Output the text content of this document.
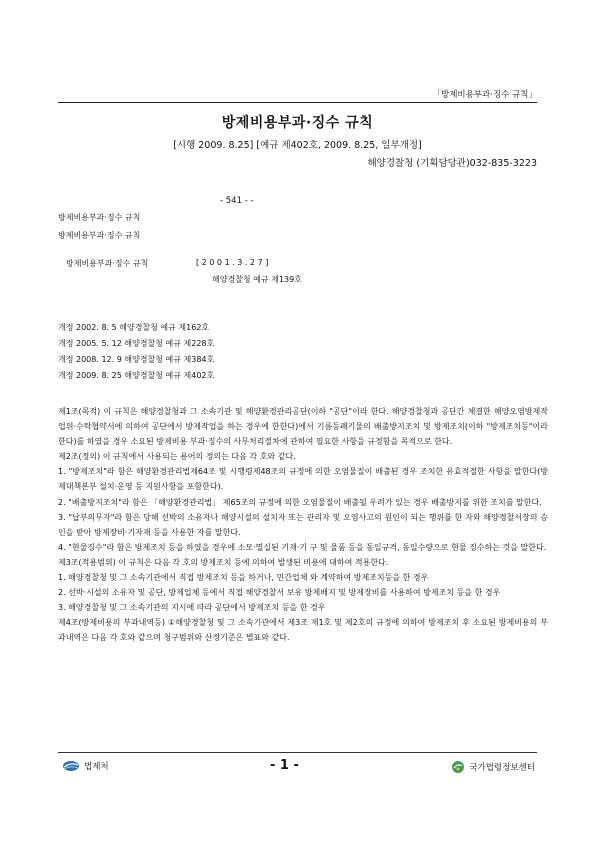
「방제비용부과·징수 규칙」
방제비용부과·징수 규칙
[시행 2009. 8.25] [예규 제402호, 2009. 8.25, 일부개정]
해양경찰청 (기획담당관)032-835-3223
- 541 - -
방제비용부과·징수 규칙
방제비용부과·징수 규칙
방제비용부과·징수 규칙	[ 2 0 0 1 . 3 . 2 7 ]
해양경찰청 예규 제139호
개정 2002. 8. 5 해양경찰청 예규 제162호
개정 2005. 5. 12 해양경찰청 예규 제228호
개정 2008. 12. 9 해양경찰청 예규 제384호
개정 2009. 8. 25 해양경찰청 예규 제402호

제1조(목적) 이 규칙은 해양경찰청과 그 소속기관 및 해양환경관리공단(이하 "공단"이라 한다. 해양경찰청과 공단간 체결한 해양오염방제작업위·수탁협약서에 의하여 공단에서 방제작업을 하는 경우에 한한다)에서 기름등폐기물의 배출방지조치 및 방제조치(이하 "방제조치등"이라 한다)를 하였을 경우 소요된 방제비용 부과·징수의 사무처리절차에 관하여 필요한 사항을 규정함을 목적으로 한다.

제2조(정의) 이 규칙에서 사용되는 용어의 정의는 다음 각 호와 같다.

1. "방제조치"라 함은 해양환경관리법제64조 및 시행령제48조의 규정에 의한 오염물질이 배출된 경우 조치한 유효적절한 사항을 말한다(방제대책본부 설치·운영 등 지원사항을 포함한다).

2. "배출방지조치"라 함은 「해양환경관리법」 제65조의 규정에 의한 오염물질이 배출될 우려가 있는 경우 배출방지를 위한 조치를 말한다.

3. "납부의무자"라 함은 당해 선박의 소유자나 해양시설의 설치자 또는 관리자 및 오염사고의 원인이 되는 행위를 한 자와 해양경찰서장의 승 인을 받아 방제장비·기자재 등을 사용한 자를 말한다.

4. "현물징수"라 함은 방제조치 등을 하였을 경우에 소모·멸실된 기재·기 구 및 물품 등을 동일규격, 동일수량으로 현물 징수하는 것을 말한다.

제3조(적용범위) 이 규칙은 다음 각 호의 방제조치 등에 의하여 발생된 비용에 대하여 적용한다.

1. 해양경찰청 및 그 소속기관에서 직접 방제조치 등을 하거나, 민간업체 와 계약하여 방제조치등을 한 경우

2. 선박·시설의 소유자 및 공단, 방제업체 등에서 직접 해양경찰서 보유 방제배지 및 방제장비를 사용하여 방제조치 등을 한 경우

3. 해양경찰청 및 그 소속기관의 지시에 따라 공단에서 방제조치 등을 한 경우

제4조(방제비용의 부과내역등) ①해양경찰청 및 그 소속기관에서 제3조 제1호 및 제2호의 규정에 의하여 방제조치 후 소요된 방제비용의 부과내역은 다음 각 호와 같으며 청구범위와 산정기준은 별표와 같다.

법제처	- 1 -	국가법령정보센터
